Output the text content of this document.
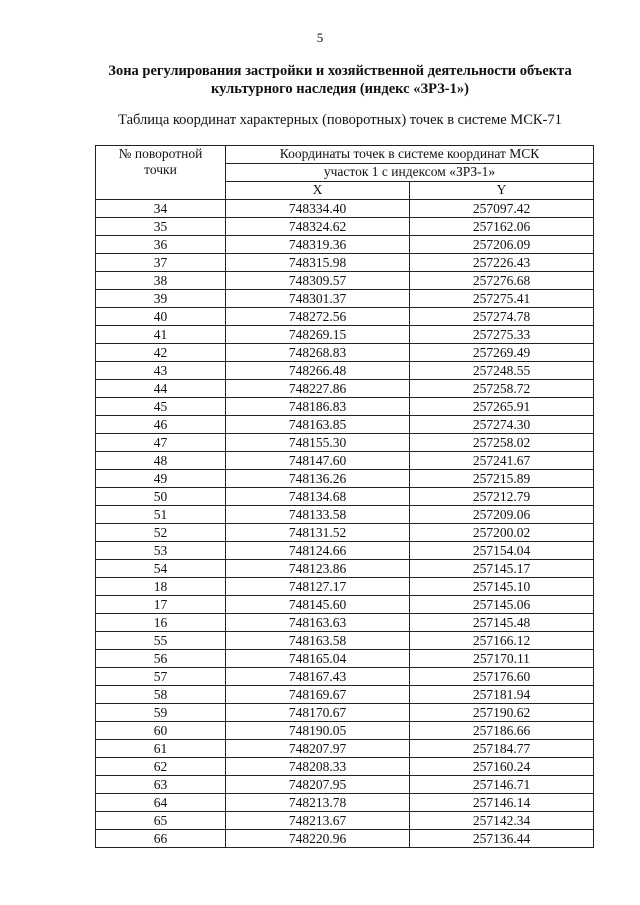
5
Зона регулирования застройки и хозяйственной деятельности объекта
культурного наследия (индекс «ЗРЗ-1»)
Таблица координат характерных (поворотных) точек в системе МСК-71
№ поворотной
точки	Координаты точек в системе координат МСК	
	участок 1 с индексом «ЗРЗ-1»	
	X	Y
34	748334.40	257097.42
35	748324.62	257162.06
36	748319.36	257206.09
37	748315.98	257226.43
38	748309.57	257276.68
39	748301.37	257275.41
40	748272.56	257274.78
41	748269.15	257275.33
42	748268.83	257269.49
43	748266.48	257248.55
44	748227.86	257258.72
45	748186.83	257265.91
46	748163.85	257274.30
47	748155.30	257258.02
48	748147.60	257241.67
49	748136.26	257215.89
50	748134.68	257212.79
51	748133.58	257209.06
52	748131.52	257200.02
53	748124.66	257154.04
54	748123.86	257145.17
18	748127.17	257145.10
17	748145.60	257145.06
16	748163.63	257145.48
55	748163.58	257166.12
56	748165.04	257170.11
57	748167.43	257176.60
58	748169.67	257181.94
59	748170.67	257190.62
60	748190.05	257186.66
61	748207.97	257184.77
62	748208.33	257160.24
63	748207.95	257146.71
64	748213.78	257146.14
65	748213.67	257142.34
66	748220.96	257136.44
